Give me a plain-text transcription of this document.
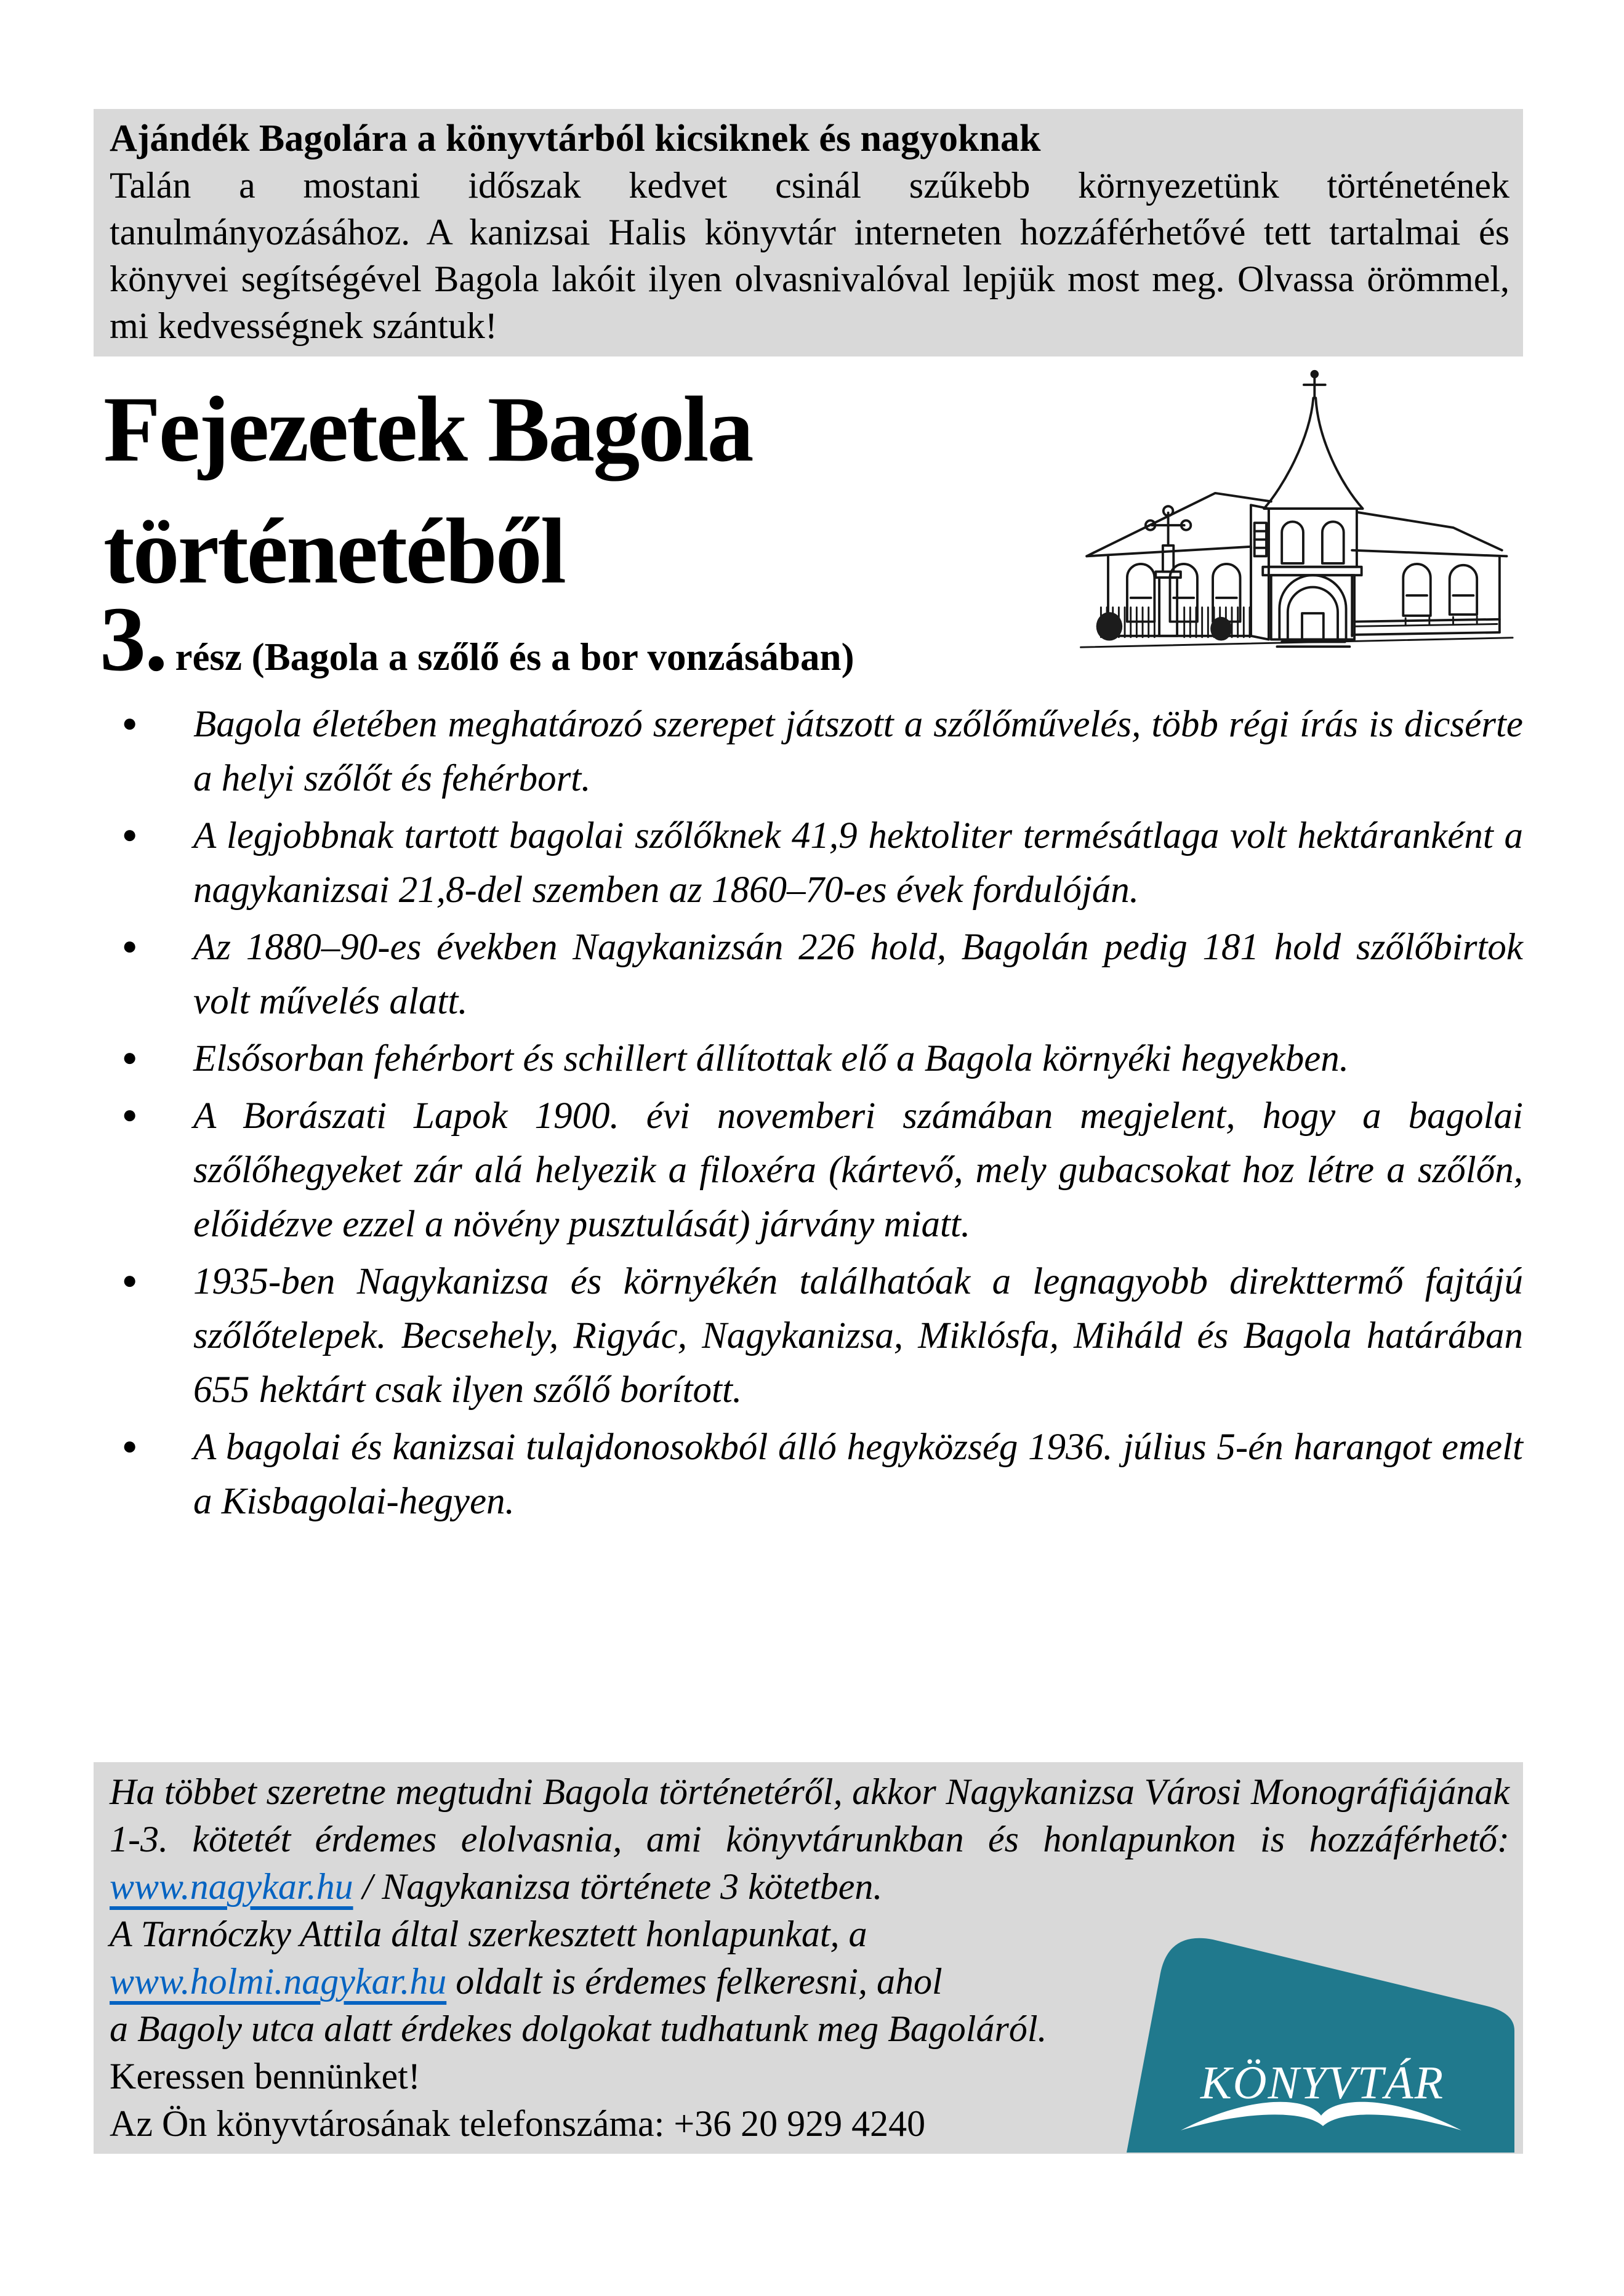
Ajándék Bagolára a könyvtárból kicsiknek és nagyoknak

Talán a mostani időszak kedvet csinál szűkebb környezetünk történetének tanulmányozásához. A kanizsai Halis könyvtár interneten hozzáférhetővé tett tartalmai és könyvei segítségével Bagola lakóit ilyen olvasnivalóval lepjük most meg. Olvassa örömmel, mi kedvességnek szántuk!

Fejezetek Bagola
történetéből
3. rész (Bagola a szőlő és a bor vonzásában)
● Bagola életében meghatározó szerepet játszott a szőlőművelés, több régi írás is dicsérte a helyi szőlőt és fehérbort.
● A legjobbnak tartott bagolai szőlőknek 41,9 hektoliter termésátlaga volt hektáranként a nagykanizsai 21,8-del szemben az 1860–70-es évek fordulóján.
● Az 1880–90-es években Nagykanizsán 226 hold, Bagolán pedig 181 hold szőlőbirtok volt művelés alatt.
● Elsősorban fehérbort és schillert állítottak elő a Bagola környéki hegyekben.
● A Borászati Lapok 1900. évi novemberi számában megjelent, hogy a bagolai szőlőhegyeket zár alá helyezik a filoxéra (kártevő, mely gubacsokat hoz létre a szőlőn, előidézve ezzel a növény pusztulását) járvány miatt.
● 1935-ben Nagykanizsa és környékén találhatóak a legnagyobb direkttermő fajtájú szőlőtelepek. Becsehely, Rigyác, Nagykanizsa, Miklósfa, Miháld és Bagola határában 655 hektárt csak ilyen szőlő borított.
● A bagolai és kanizsai tulajdonosokból álló hegyközség 1936. július 5-én harangot emelt a Kisbagolai-hegyen.

Ha többet szeretne megtudni Bagola történetéről, akkor Nagykanizsa Városi Monográfiájának 1-3. kötetét érdemes elolvasnia, ami könyvtárunkban és honlapunkon is hozzáférhető: www.nagykar.hu / Nagykanizsa története 3 kötetben.

A Tarnóczky Attila által szerkesztett honlapunkat, a
www.holmi.nagykar.hu oldalt is érdemes felkeresni, ahol
a Bagoly utca alatt érdekes dolgokat tudhatunk meg Bagoláról.
Keressen bennünket!
Az Ön könyvtárosának telefonszáma: +36 20 929 4240

KÖNYVTÁR
